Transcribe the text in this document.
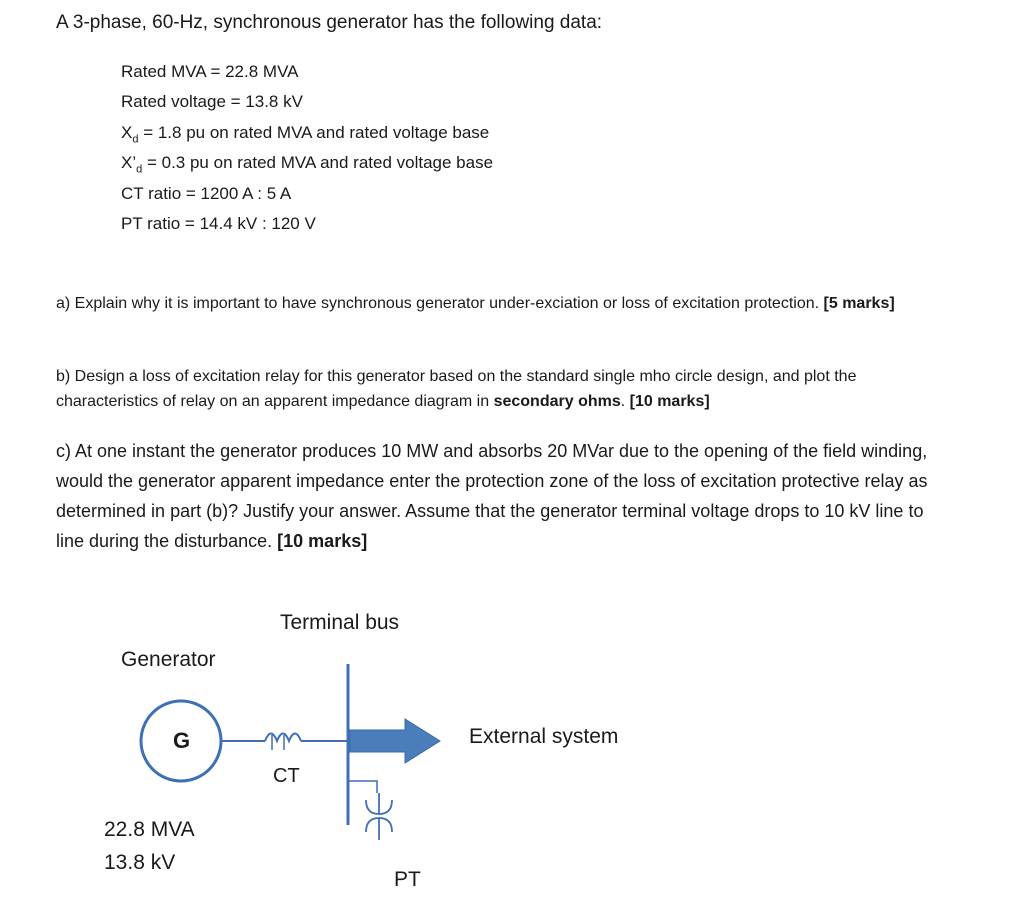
A 3-phase, 60-Hz, synchronous generator has the following data:
Rated MVA = 22.8 MVA
Rated voltage = 13.8 kV
$X_d = 1.8$ pu on rated MVA and rated voltage base
$X’_d = 0.3$ pu on rated MVA and rated voltage base
CT ratio = 1200 A : 5 A
PT ratio = 14.4 kV : 120 V
a) Explain why it is important to have synchronous generator under-exciation or loss of excitation protection. [5 marks]
b) Design a loss of excitation relay for this generator based on the standard single mho circle design, and plot the characteristics of relay on an apparent impedance diagram in secondary ohms. [10 marks]
c) At one instant the generator produces 10 MW and absorbs 20 MVar due to the opening of the field winding, would the generator apparent impedance enter the protection zone of the loss of excitation protective relay as determined in part (b)? Justify your answer. Assume that the generator terminal voltage drops to 10 kV line to line during the disturbance. [10 marks]
G
Terminal bus
Generator
External system
CT
22.8 MVA
13.8 kV
PT
